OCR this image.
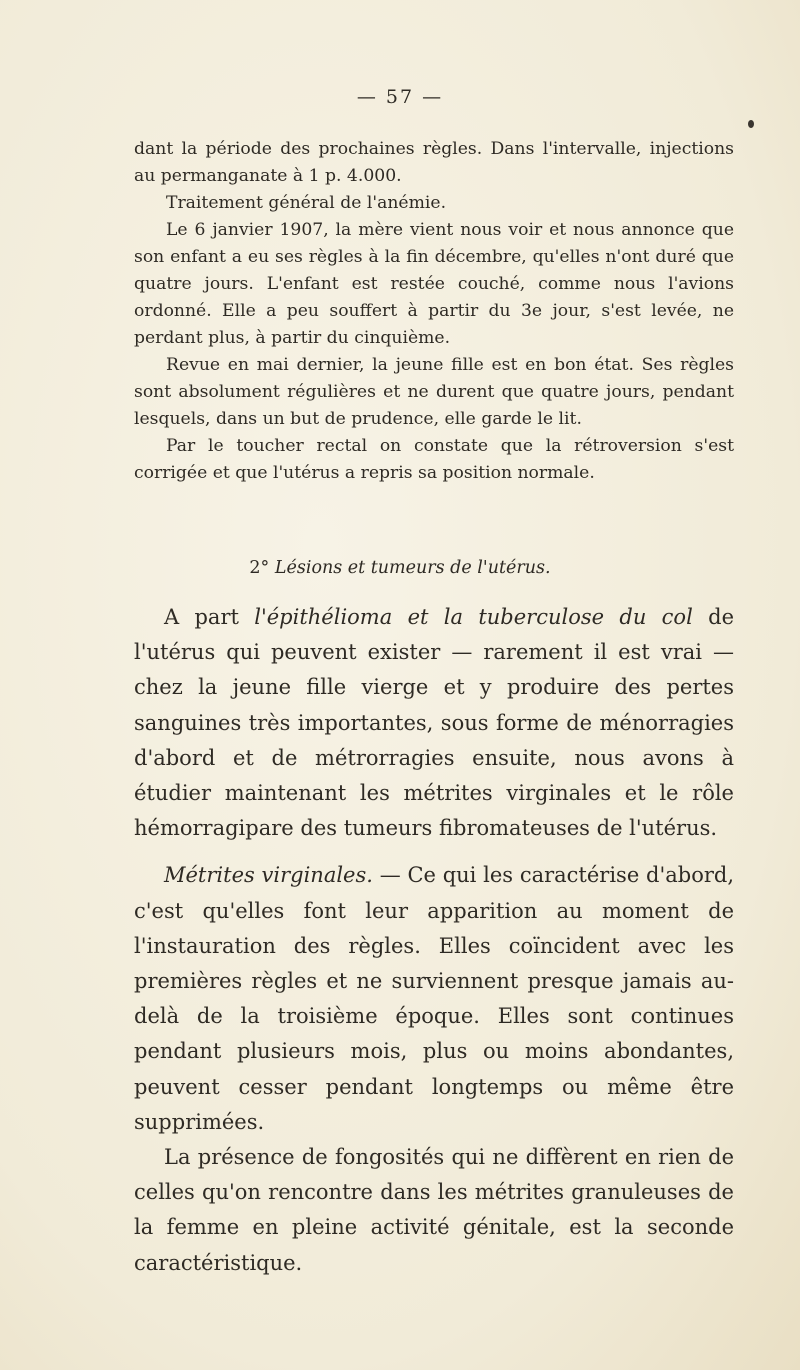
— 57 —

dant la période des prochaines règles. Dans l'intervalle, injections au permanganate à 1 p. 4.000.

Traitement général de l'anémie.

Le 6 janvier 1907, la mère vient nous voir et nous annonce que son enfant a eu ses règles à la fin décembre, qu'elles n'ont duré que quatre jours. L'enfant est restée couché, comme nous l'avions ordonné. Elle a peu souffert à partir du 3e jour, s'est levée, ne perdant plus, à partir du cinquième.

Revue en mai dernier, la jeune fille est en bon état. Ses règles sont absolument régulières et ne durent que quatre jours, pendant lesquels, dans un but de prudence, elle garde le lit.

Par le toucher rectal on constate que la rétroversion s'est corrigée et que l'utérus a repris sa position normale.

2° Lésions et tumeurs de l'utérus.

A part l'épithélioma et la tuberculose du col de l'utérus qui peuvent exister — rarement il est vrai — chez la jeune fille vierge et y produire des pertes sanguines très importantes, sous forme de ménorragies d'abord et de métrorragies ensuite, nous avons à étudier maintenant les métrites virginales et le rôle hémorragipare des tumeurs fibromateuses de l'utérus.

Métrites virginales. — Ce qui les caractérise d'abord, c'est qu'elles font leur apparition au moment de l'instauration des règles. Elles coïncident avec les premières règles et ne surviennent presque jamais au-delà de la troisième époque. Elles sont continues pendant plusieurs mois, plus ou moins abondantes, peuvent cesser pendant longtemps ou même être supprimées.

La présence de fongosités qui ne diffèrent en rien de celles qu'on rencontre dans les métrites granuleuses de la femme en pleine activité génitale, est la seconde caractéristique.
